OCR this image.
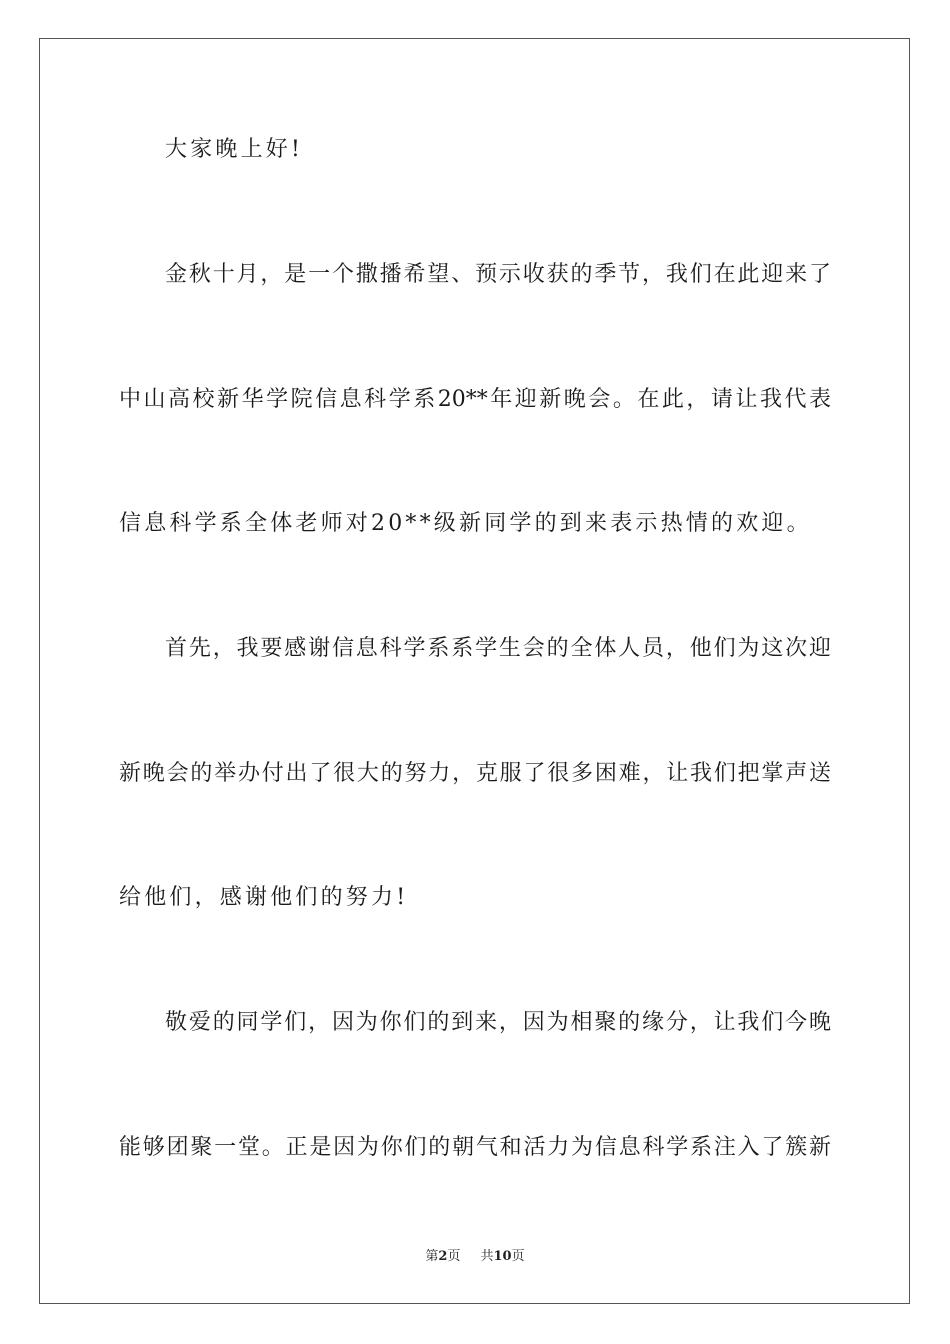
大家晚上好!
金秋十月，是一个撒播希望、预示收获的季节，我们在此迎来了
中山高校新华学院信息科学系20**年迎新晚会。在此，请让我代表
信息科学系全体老师对20**级新同学的到来表示热情的欢迎。
首先，我要感谢信息科学系系学生会的全体人员，他们为这次迎
新晚会的举办付出了很大的努力，克服了很多困难，让我们把掌声送
给他们，感谢他们的努力!
敬爱的同学们，因为你们的到来，因为相聚的缘分，让我们今晚
能够团聚一堂。正是因为你们的朝气和活力为信息科学系注入了簇新
第2页 共10页
